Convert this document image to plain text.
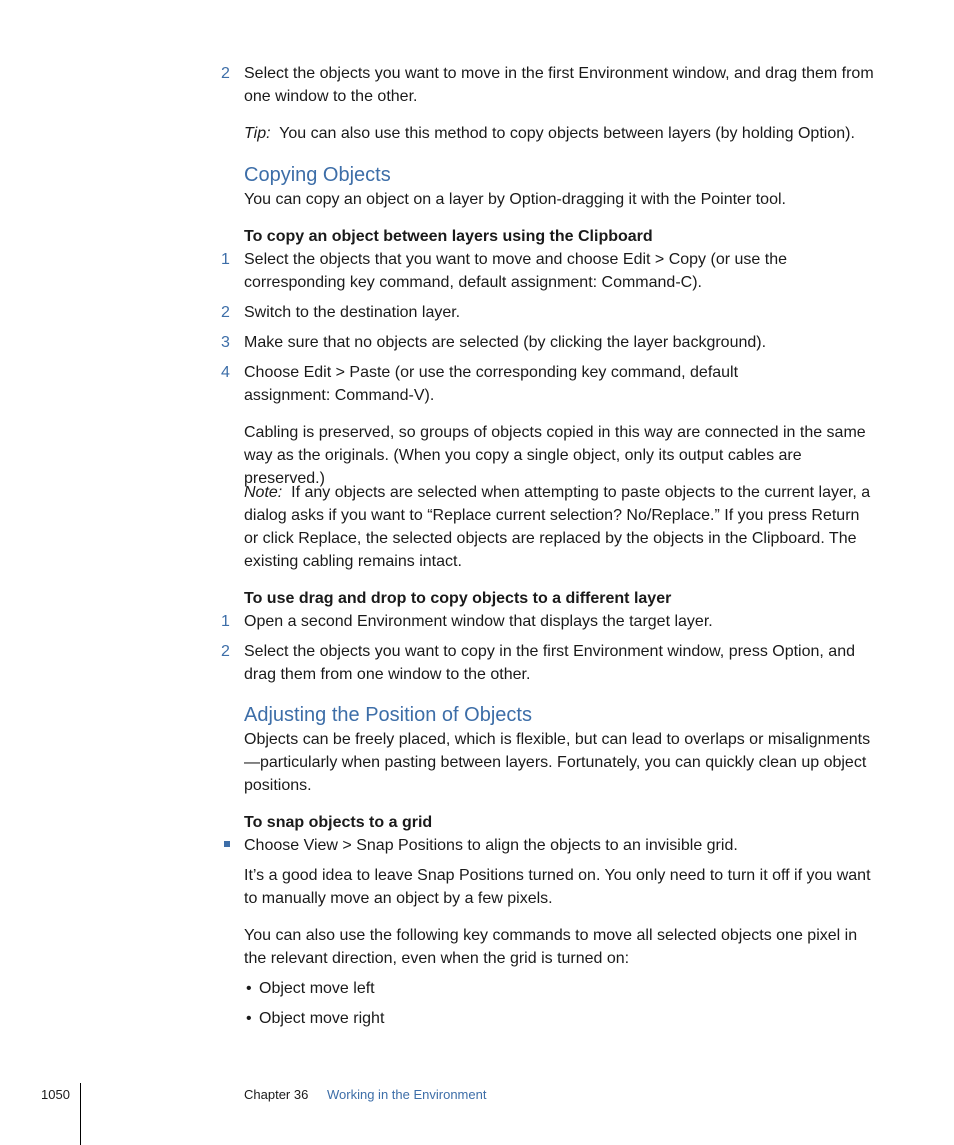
2 Select the objects you want to move in the first Environment window, and drag them from one window to the other.

Tip: You can also use this method to copy objects between layers (by holding Option).

Copying Objects

You can copy an object on a layer by Option-dragging it with the Pointer tool.

To copy an object between layers using the Clipboard
1 Select the objects that you want to move and choose Edit > Copy (or use the corresponding key command, default assignment: Command-C).

2 Switch to the destination layer.

3 Make sure that no objects are selected (by clicking the layer background).

4 Choose Edit > Paste (or use the corresponding key command, default assignment: Command-V).

Cabling is preserved, so groups of objects copied in this way are connected in the same way as the originals. (When you copy a single object, only its output cables are preserved.)

Note: If any objects are selected when attempting to paste objects to the current layer, a dialog asks if you want to “Replace current selection? No/Replace.” If you press Return or click Replace, the selected objects are replaced by the objects in the Clipboard. The existing cabling remains intact.

To use drag and drop to copy objects to a different layer
1 Open a second Environment window that displays the target layer.

2 Select the objects you want to copy in the first Environment window, press Option, and drag them from one window to the other.

Adjusting the Position of Objects

Objects can be freely placed, which is flexible, but can lead to overlaps or misalignments—particularly when pasting between layers. Fortunately, you can quickly clean up object positions.

To snap objects to a grid

Choose View > Snap Positions to align the objects to an invisible grid.

It’s a good idea to leave Snap Positions turned on. You only need to turn it off if you want to manually move an object by a few pixels.

You can also use the following key commands to move all selected objects one pixel in the relevant direction, even when the grid is turned on:

• Object move left
• Object move right
1050	Chapter 36 Working in the Environment
